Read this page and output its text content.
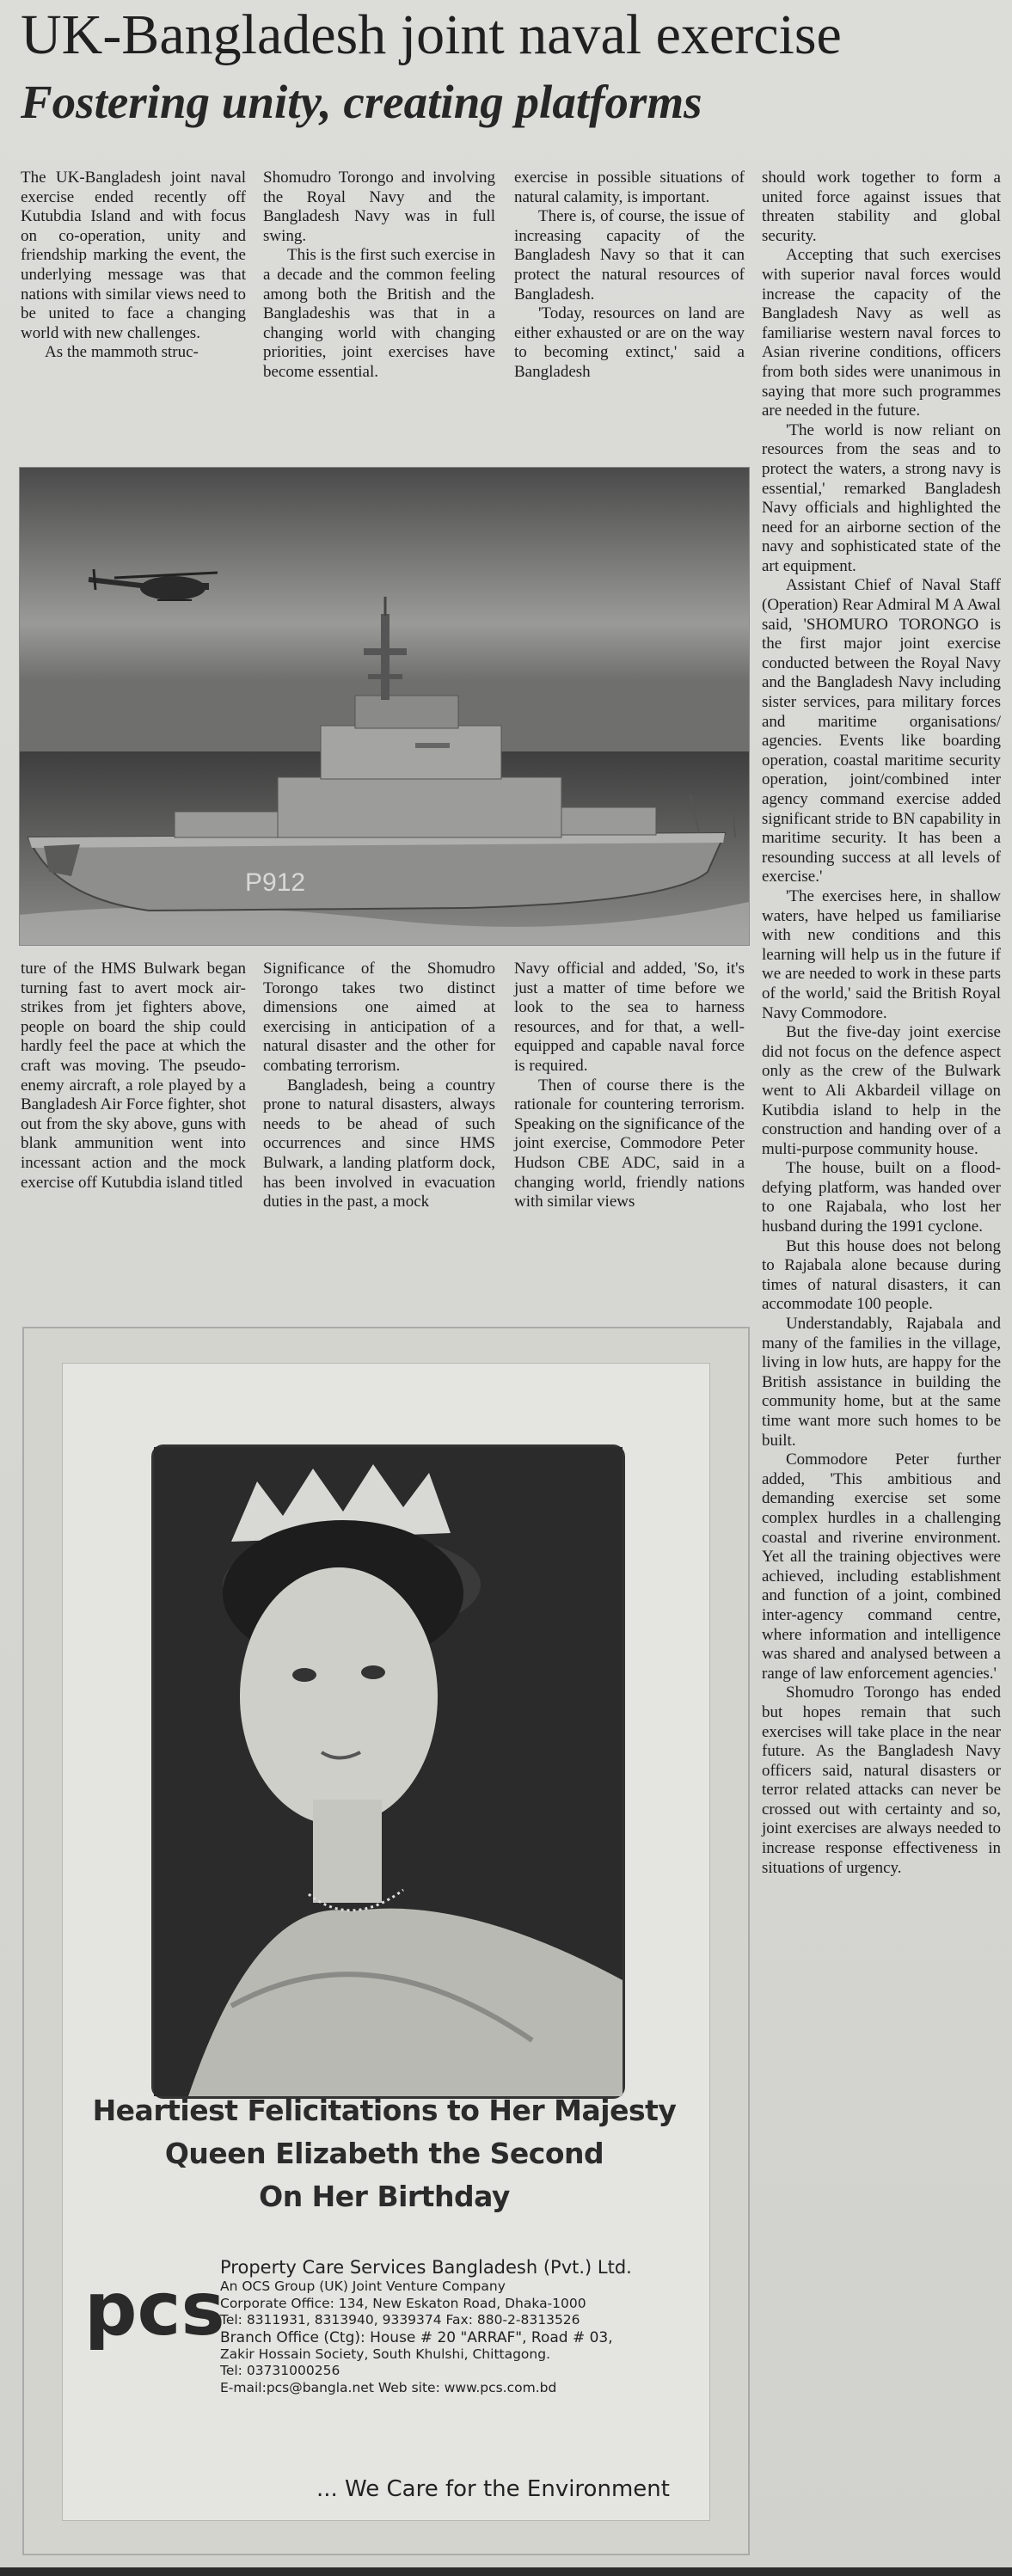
UK-Bangladesh joint naval exercise
Fostering unity, creating platforms

The UK-Bangladesh joint naval exercise ended recently off Kutubdia Island and with focus on co-operation, unity and friendship marking the event, the underlying message was that nations with similar views need to be united to face a changing world with new challenges.

As the mammoth struc-

Shomudro Torongo and involving the Royal Navy and the Bangladesh Navy was in full swing.

This is the first such exercise in a decade and the common feeling among both the British and the Bangladeshis was that in a changing world with changing priorities, joint exercises have become essential.

exercise in possible situations of natural calamity, is important.

There is, of course, the issue of increasing capacity of the Bangladesh Navy so that it can protect the natural resources of Bangladesh.

'Today, resources on land are either exhausted or are on the way to becoming extinct,' said a Bangladesh

should work together to form a united force against issues that threaten stability and global security.

Accepting that such exercises with superior naval forces would increase the capacity of the Bangladesh Navy as well as familiarise western naval forces to Asian riverine conditions, officers from both sides were unanimous in saying that more such programmes are needed in the future.

'The world is now reliant on resources from the seas and to protect the waters, a strong navy is essential,' remarked Bangladesh Navy officials and highlighted the need for an airborne section of the navy and sophisticated state of the art equipment.

Assistant Chief of Naval Staff (Operation) Rear Admiral M A Awal said, 'SHOMURO TORONGO is the first major joint exercise conducted between the Royal Navy and the Bangladesh Navy including sister services, para military forces and maritime organisations/ agencies. Events like boarding operation, coastal maritime security operation, joint/combined inter agency command exercise added significant stride to BN capability in maritime security. It has been a resounding success at all levels of exercise.'

'The exercises here, in shallow waters, have helped us familiarise with new conditions and this learning will help us in the future if we are needed to work in these parts of the world,' said the British Royal Navy Commodore.

But the five-day joint exercise did not focus on the defence aspect only as the crew of the Bulwark went to Ali Akbardeil village on Kutibdia island to help in the construction and handing over of a multi-purpose community house.

The house, built on a flood-defying platform, was handed over to one Rajabala, who lost her husband during the 1991 cyclone.

But this house does not belong to Rajabala alone because during times of natural disasters, it can accommodate 100 people.

Understandably, Rajabala and many of the families in the village, living in low huts, are happy for the British assistance in building the community home, but at the same time want more such homes to be built.

Commodore Peter further added, 'This ambitious and demanding exercise set some complex hurdles in a challenging coastal and riverine environment. Yet all the training objectives were achieved, including establishment and function of a joint, combined inter-agency command centre, where information and intelligence was shared and analysed between a range of law enforcement agencies.'

Shomudro Torongo has ended but hopes remain that such exercises will take place in the near future. As the Bangladesh Navy officers said, natural disasters or terror related attacks can never be crossed out with certainty and so, joint exercises are always needed to increase response effectiveness in situations of urgency.

P912

ture of the HMS Bulwark began turning fast to avert mock air-strikes from jet fighters above, people on board the ship could hardly feel the pace at which the craft was moving. The pseudo-enemy aircraft, a role played by a Bangladesh Air Force fighter, shot out from the sky above, guns with blank ammunition went into incessant action and the mock exercise off Kutubdia island titled

Significance of the Shomudro Torongo takes two distinct dimensions one aimed at exercising in anticipation of a natural disaster and the other for combating terrorism.

Bangladesh, being a country prone to natural disasters, always needs to be ahead of such occurrences and since HMS Bulwark, a landing platform dock, has been involved in evacuation duties in the past, a mock

Navy official and added, 'So, it's just a matter of time before we look to the sea to harness resources, and for that, a well-equipped and capable naval force is required.

Then of course there is the rationale for countering terrorism. Speaking on the significance of the joint exercise, Commodore Peter Hudson CBE ADC, said in a changing world, friendly nations with similar views

Heartiest Felicitations to Her Majesty
Queen Elizabeth the Second
On Her Birthday
pcs
Property Care Services Bangladesh (Pvt.) Ltd.
An OCS Group (UK) Joint Venture Company
Corporate Office: 134, New Eskaton Road, Dhaka-1000
Tel: 8311931, 8313940, 9339374 Fax: 880-2-8313526
Branch Office (Ctg): House # 20 "ARRAF", Road # 03,
Zakir Hossain Society, South Khulshi, Chittagong.
Tel: 03731000256
E-mail:pcs@bangla.net Web site: www.pcs.com.bd
... We Care for the Environment
